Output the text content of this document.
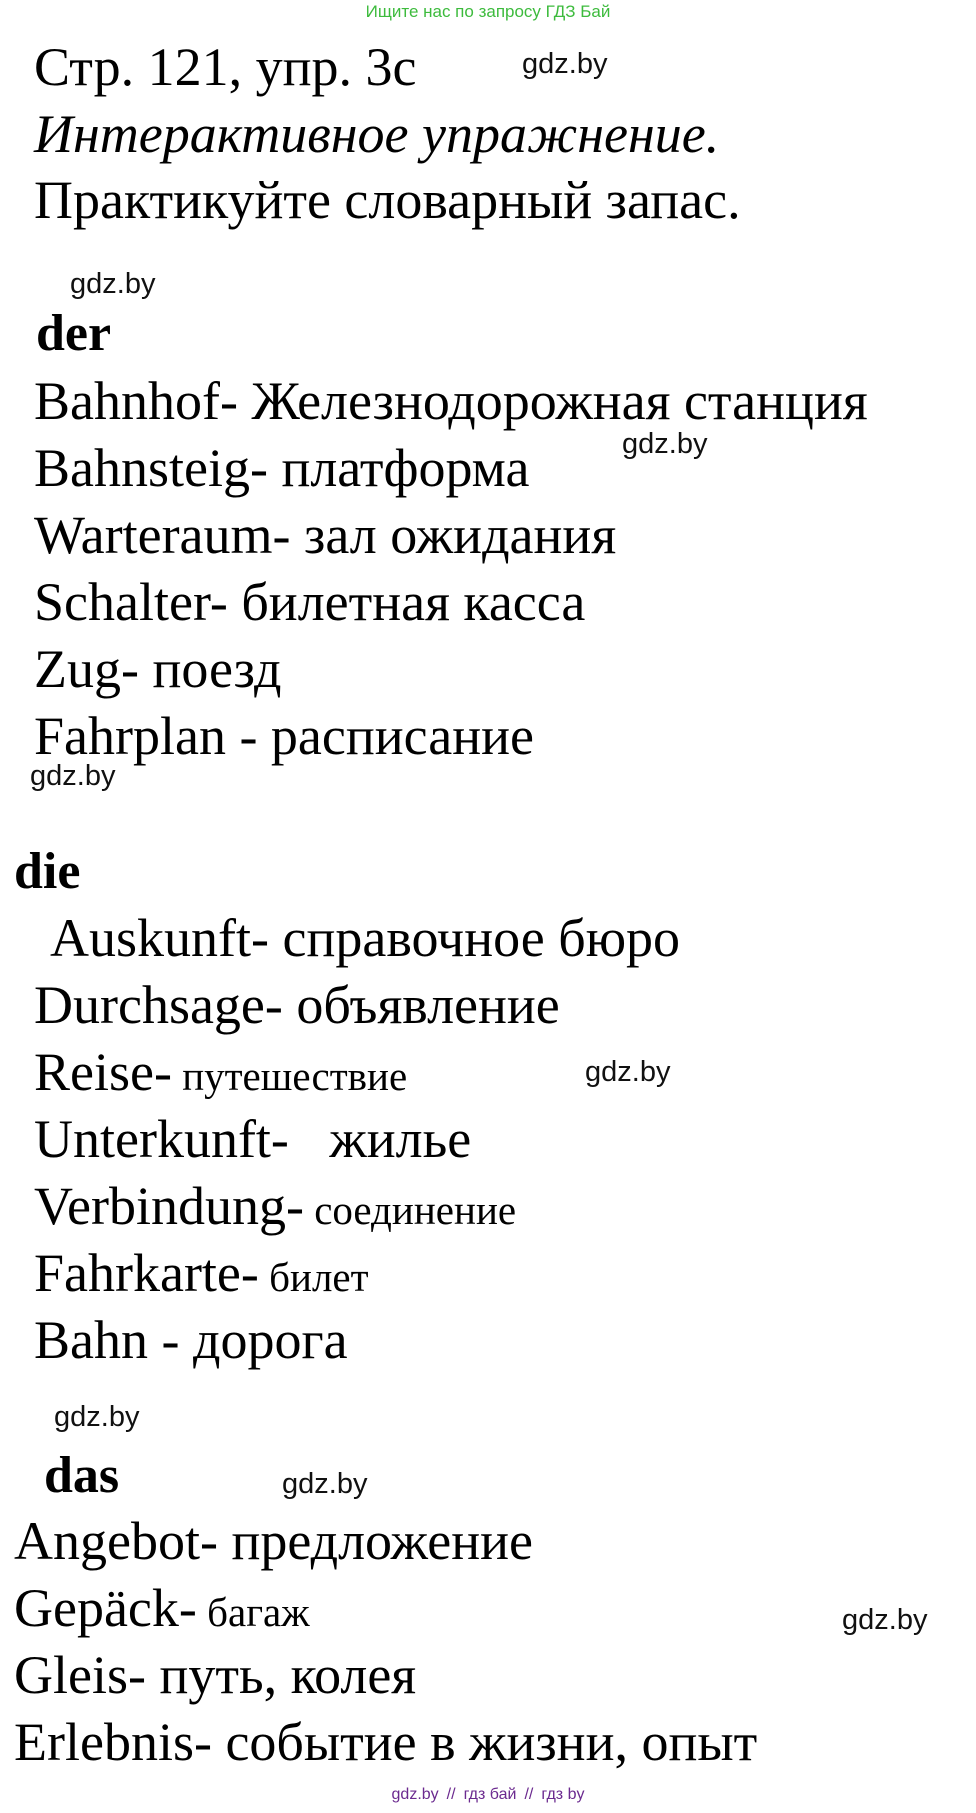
Ищите нас по запросу ГДЗ Бай
Стр. 121, упр. 3с
Интерактивное упражнение.
Практикуйте словарный запас.
gdz.by
gdz.by
gdz.by
gdz.by
gdz.by
gdz.by
gdz.by
gdz.by
der
Bahnhof- Железнодорожная станция
Bahnsteig- платформа
Warteraum- зал ожидания
Schalter- билетная касса
Zug- поезд
Fahrplan - расписание
die
Auskunft- справочное бюро
Durchsage- объявление
Reise- путешествие
Unterkunft-   жилье
Verbindung- соединение
Fahrkarte- билет
Bahn - дорога
das
Angebot- предложение
Gepäck- багаж
Gleis- путь, колея
Erlebnis- событие в жизни, опыт
gdz.by // гдз бай // гдз by
